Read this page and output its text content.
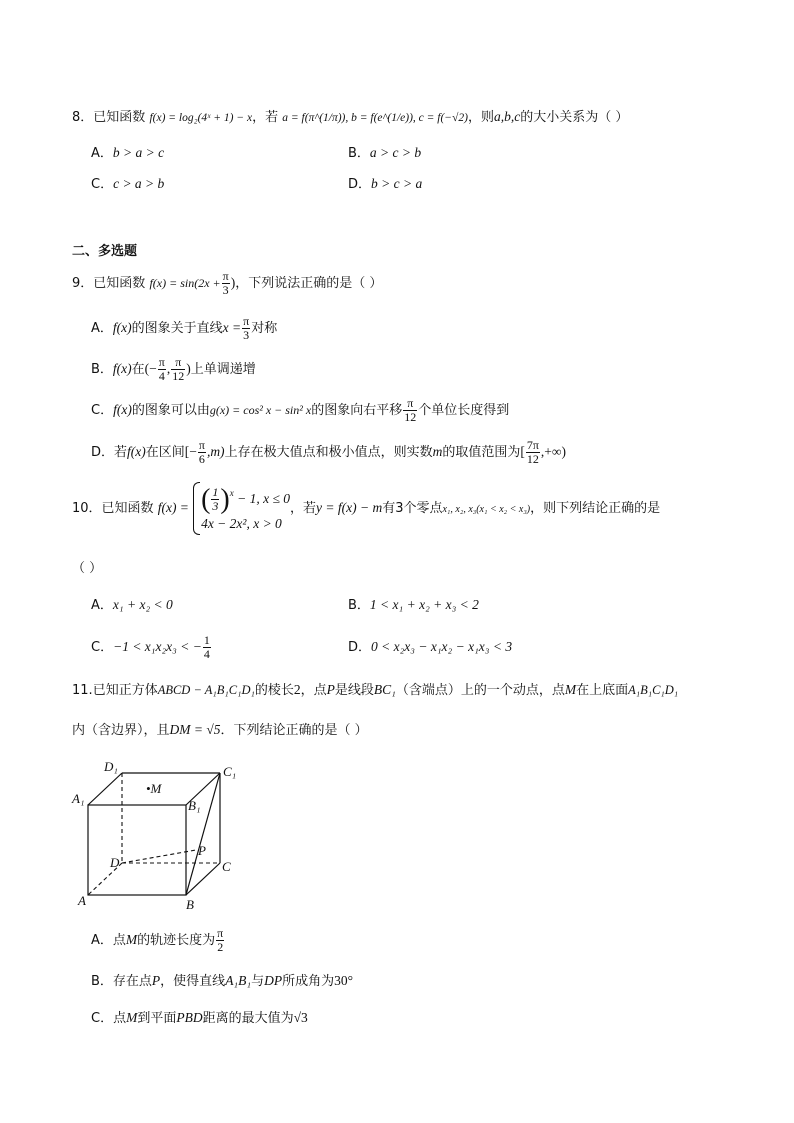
8．已知函数 f(x) = log₂(4ˣ + 1) − x，若 a = f(π^(1/π)), b = f(e^(1/e)), c = f(−√2)，则a,b,c的大小关系为（ ）
A．b > a > c	B．a > c > b
C．c > a > b	D．b > c > a
二、多选题
9．已知函数 $f(x) = \sin(2x + \frac{\pi}{3}$ )，下列说法正确的是（ ）
A．f(x)的图象关于直线$x = \frac{\pi}{3}$ 对称
B．f(x)在(− $\frac{\pi}{4}$ , $\frac{\pi}{12}$ )上单调递增
C．f(x)的图象可以由g(x) = cos² x − sin² x的图象向右平移 $\frac{\pi}{12}$ 个单位长度得到
D．若f(x)在区间[− $\frac{\pi}{6} ,m$)上存在极大值点和极小值点，则实数m的取值范围为[ $\frac{7\pi}{12}$ ,+∞)
10．已知函数 f(x) = ( $\frac{1}{3} )^x - 1$, x ≤ 0
4x − 2x², x > 0
，若y = f(x) − m有3个零点x₁, x₂, x₃(x₁ < x₂ < x₃)，则下列结论正确的是
（ ）
A．x₁ + x₂ < 0	B．1 < x₁ + x₂ + x₃ < 2
C．−1 < x₁x₂x₃ < − $\frac{1}{4}$	D．0 < x₂x₃ − x₁x₂ − x₁x₃ < 3
11.已知正方体ABCD − A₁B₁C₁D₁的棱长2，点P是线段BC₁（含端点）上的一个动点，点M在上底面A₁B₁C₁D₁
内（含边界），且DM = √5．下列结论正确的是（ ）
D₁	C₁
A₁	B₁
•M
D	C
P
A	B
A．点M的轨迹长度为 $\frac{\pi}{2}$
B．存在点P，使得直线A₁B₁与DP所成角为30°
C．点M到平面PBD距离的最大值为√3
